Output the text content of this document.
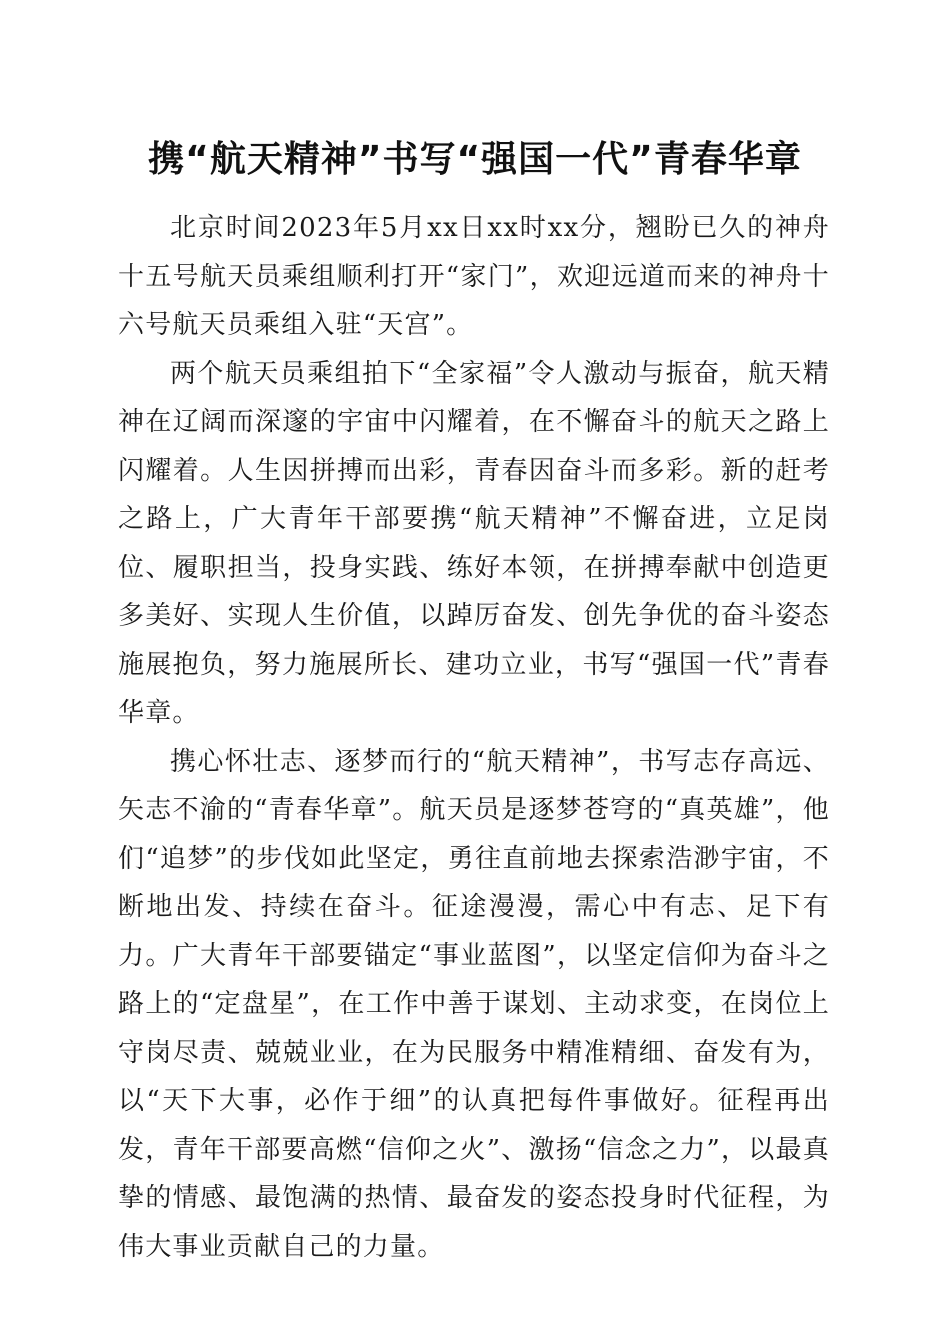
携“航天精神”书写“强国一代”青春华章

北京时间2023年5月xx日xx时xx分，翘盼已久的神舟十五号航天员乘组顺利打开“家门”，欢迎远道而来的神舟十六号航天员乘组入驻“天宫”。

两个航天员乘组拍下“全家福”令人激动与振奋，航天精神在辽阔而深邃的宇宙中闪耀着，在不懈奋斗的航天之路上闪耀着。人生因拼搏而出彩，青春因奋斗而多彩。新的赶考之路上，广大青年干部要携“航天精神”不懈奋进，立足岗位、履职担当，投身实践、练好本领，在拼搏奉献中创造更多美好、实现人生价值，以踔厉奋发、创先争优的奋斗姿态施展抱负，努力施展所长、建功立业，书写“强国一代”青春华章。

携心怀壮志、逐梦而行的“航天精神”，书写志存高远、矢志不渝的“青春华章”。航天员是逐梦苍穹的“真英雄”，他们“追梦”的步伐如此坚定，勇往直前地去探索浩渺宇宙，不断地出发、持续在奋斗。征途漫漫，需心中有志、足下有力。广大青年干部要锚定“事业蓝图”，以坚定信仰为奋斗之路上的“定盘星”，在工作中善于谋划、主动求变，在岗位上守岗尽责、兢兢业业，在为民服务中精准精细、奋发有为，以“天下大事，必作于细”的认真把每件事做好。征程再出发，青年干部要高燃“信仰之火”、激扬“信念之力”，以最真挚的情感、最饱满的热情、最奋发的姿态投身时代征程，为伟大事业贡献自己的力量。
